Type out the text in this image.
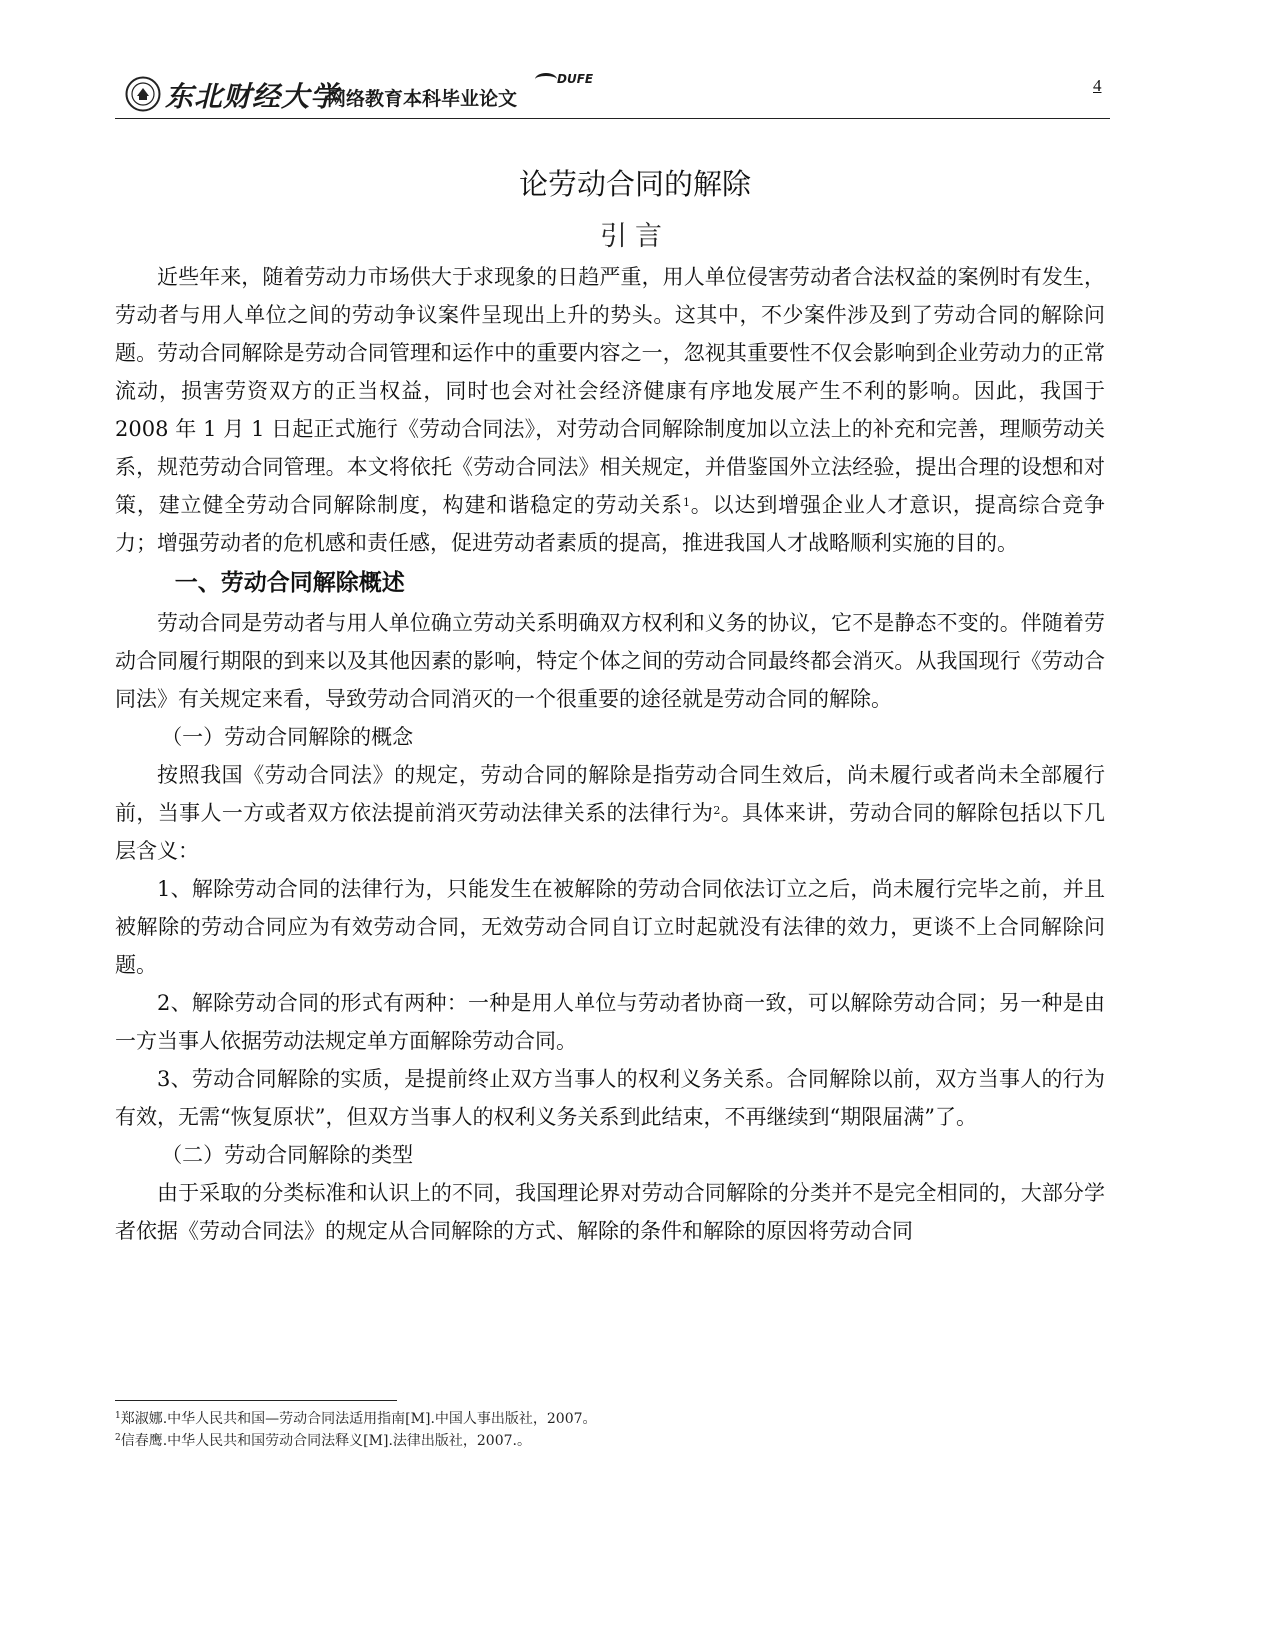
东北财经大学
网络教育本科毕业论文
DUFE	4
论劳动合同的解除
引言

近些年来，随着劳动力市场供大于求现象的日趋严重，用人单位侵害劳动者合法权益的案例时有发生，劳动者与用人单位之间的劳动争议案件呈现出上升的势头。这其中，不少案件涉及到了劳动合同的解除问题。劳动合同解除是劳动合同管理和运作中的重要内容之一，忽视其重要性不仅会影响到企业劳动力的正常流动，损害劳资双方的正当权益，同时也会对社会经济健康有序地发展产生不利的影响。因此，我国于 2008 年 1 月 1 日起正式施行《劳动合同法》，对劳动合同解除制度加以立法上的补充和完善，理顺劳动关系，规范劳动合同管理。本文将依托《劳动合同法》相关规定，并借鉴国外立法经验，提出合理的设想和对策，建立健全劳动合同解除制度，构建和谐稳定的劳动关系$^1$。以达到增强企业人才意识，提高综合竞争力；增强劳动者的危机感和责任感，促进劳动者素质的提高，推进我国人才战略顺利实施的目的。

一、劳动合同解除概述

劳动合同是劳动者与用人单位确立劳动关系明确双方权利和义务的协议，它不是静态不变的。伴随着劳动合同履行期限的到来以及其他因素的影响，特定个体之间的劳动合同最终都会消灭。从我国现行《劳动合同法》有关规定来看，导致劳动合同消灭的一个很重要的途径就是劳动合同的解除。

（一）劳动合同解除的概念

按照我国《劳动合同法》的规定，劳动合同的解除是指劳动合同生效后，尚未履行或者尚未全部履行前，当事人一方或者双方依法提前消灭劳动法律关系的法律行为$^2$。具体来讲，劳动合同的解除包括以下几层含义：

1、解除劳动合同的法律行为，只能发生在被解除的劳动合同依法订立之后，尚未履行完毕之前，并且被解除的劳动合同应为有效劳动合同，无效劳动合同自订立时起就没有法律的效力，更谈不上合同解除问题。

2、解除劳动合同的形式有两种：一种是用人单位与劳动者协商一致，可以解除劳动合同；另一种是由一方当事人依据劳动法规定单方面解除劳动合同。

3、劳动合同解除的实质，是提前终止双方当事人的权利义务关系。合同解除以前，双方当事人的行为有效，无需“恢复原状”，但双方当事人的权利义务关系到此结束，不再继续到“期限届满”了。

（二）劳动合同解除的类型

由于采取的分类标准和认识上的不同，我国理论界对劳动合同解除的分类并不是完全相同的，大部分学者依据《劳动合同法》的规定从合同解除的方式、解除的条件和解除的原因将劳动合同

$^1$郑淑娜.中华人民共和国—劳动合同法适用指南[M].中国人事出版社，2007。
$^2$信春鹰.中华人民共和国劳动合同法释义[M].法律出版社，2007.。
